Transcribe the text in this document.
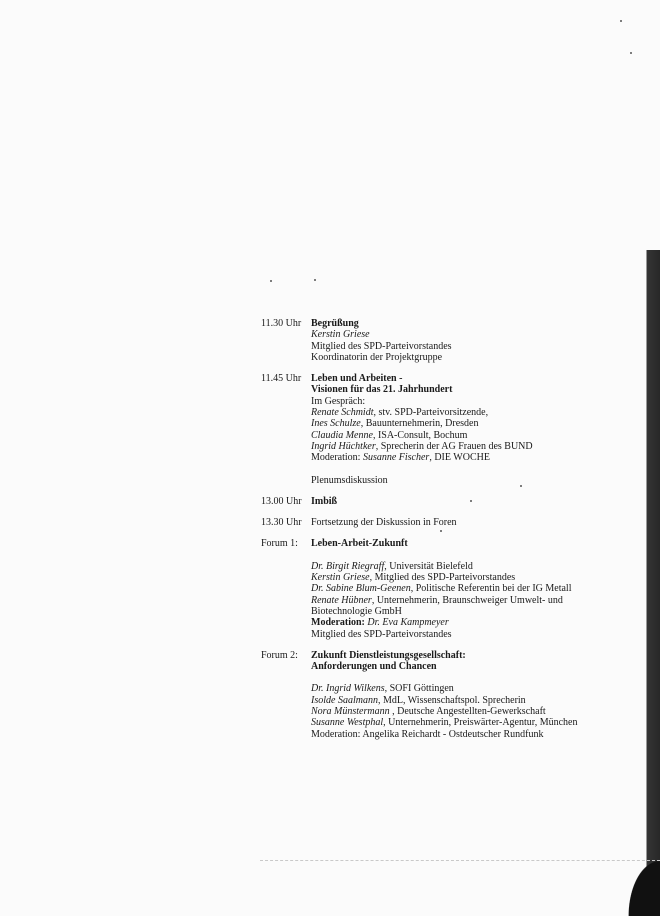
11.30 Uhr Begrüßung
Kerstin Griese
Mitglied des SPD-Parteivorstandes
Koordinatorin der Projektgruppe
11.45 Uhr Leben und Arbeiten -
Visionen für das 21. Jahrhundert
Im Gespräch:
Renate Schmidt, stv. SPD-Parteivorsitzende,
Ines Schulze, Bauunternehmerin, Dresden
Claudia Menne, ISA-Consult, Bochum
Ingrid Hüchtker, Sprecherin der AG Frauen des BUND
Moderation: Susanne Fischer, DIE WOCHE
Plenumsdiskussion
13.00 Uhr Imbiß
13.30 Uhr Fortsetzung der Diskussion in Foren
Forum 1:	Leben-Arbeit-Zukunft
Dr. Birgit Riegraff, Universität Bielefeld
Kerstin Griese, Mitglied des SPD-Parteivorstandes
Dr. Sabine Blum-Geenen, Politische Referentin bei der IG Metall
Renate Hübner, Unternehmerin, Braunschweiger Umwelt- und
Biotechnologie GmbH
Moderation: Dr. Eva Kampmeyer
Mitglied des SPD-Parteivorstandes
Forum 2:	Zukunft Dienstleistungsgesellschaft:
Anforderungen und Chancen
Dr. Ingrid Wilkens, SOFI Göttingen
Isolde Saalmann, MdL, Wissenschaftspol. Sprecherin
Nora Münstermann , Deutsche Angestellten-Gewerkschaft
Susanne Westphal, Unternehmerin, Preiswärter-Agentur, München
Moderation: Angelika Reichardt - Ostdeutscher Rundfunk
